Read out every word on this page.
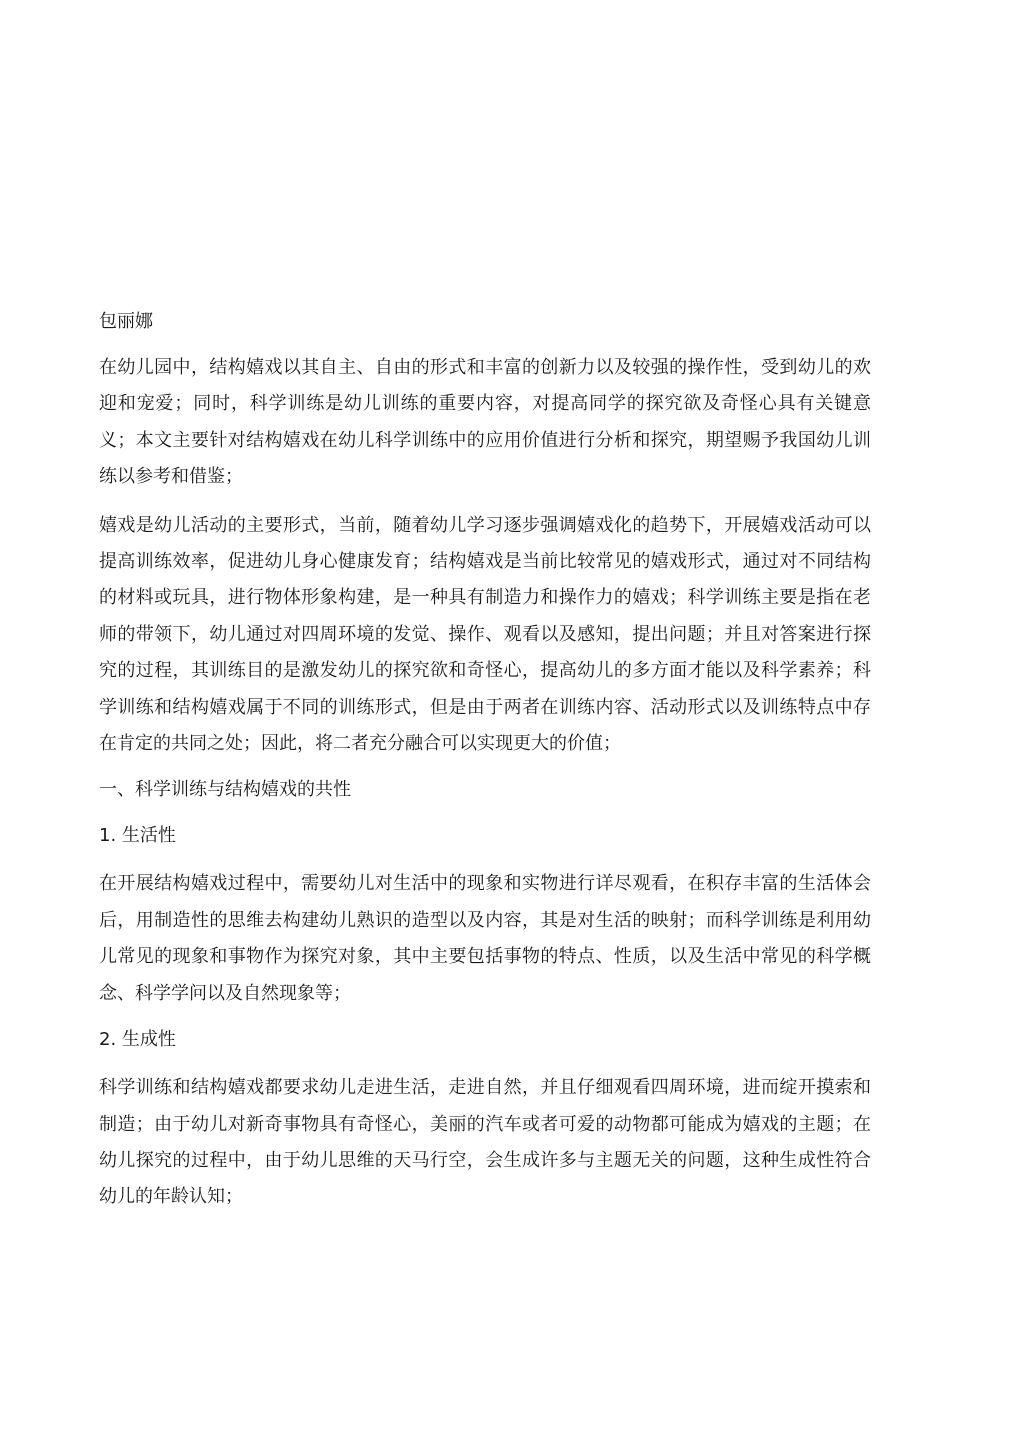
包丽娜
在幼儿园中，结构嬉戏以其自主、自由的形式和丰富的创新力以及较强的操作性，受到幼儿的欢迎和宠爱；同时，科学训练是幼儿训练的重要内容，对提高同学的探究欲及奇怪心具有关键意义；本文主要针对结构嬉戏在幼儿科学训练中的应用价值进行分析和探究，期望赐予我国幼儿训练以参考和借鉴；
嬉戏是幼儿活动的主要形式，当前，随着幼儿学习逐步强调嬉戏化的趋势下，开展嬉戏活动可以提高训练效率，促进幼儿身心健康发育；结构嬉戏是当前比较常见的嬉戏形式，通过对不同结构的材料或玩具，进行物体形象构建，是一种具有制造力和操作力的嬉戏；科学训练主要是指在老师的带领下，幼儿通过对四周环境的发觉、操作、观看以及感知，提出问题；并且对答案进行探究的过程，其训练目的是激发幼儿的探究欲和奇怪心，提高幼儿的多方面才能以及科学素养；科学训练和结构嬉戏属于不同的训练形式，但是由于两者在训练内容、活动形式以及训练特点中存在肯定的共同之处；因此，将二者充分融合可以实现更大的价值；
一、科学训练与结构嬉戏的共性
1. 生活性
在开展结构嬉戏过程中，需要幼儿对生活中的现象和实物进行详尽观看，在积存丰富的生活体会后，用制造性的思维去构建幼儿熟识的造型以及内容，其是对生活的映射；而科学训练是利用幼儿常见的现象和事物作为探究对象，其中主要包括事物的特点、性质，以及生活中常见的科学概念、科学学问以及自然现象等；
2. 生成性
科学训练和结构嬉戏都要求幼儿走进生活，走进自然，并且仔细观看四周环境，进而绽开摸索和制造；由于幼儿对新奇事物具有奇怪心，美丽的汽车或者可爱的动物都可能成为嬉戏的主题；在幼儿探究的过程中，由于幼儿思维的天马行空，会生成许多与主题无关的问题，这种生成性符合幼儿的年龄认知；
